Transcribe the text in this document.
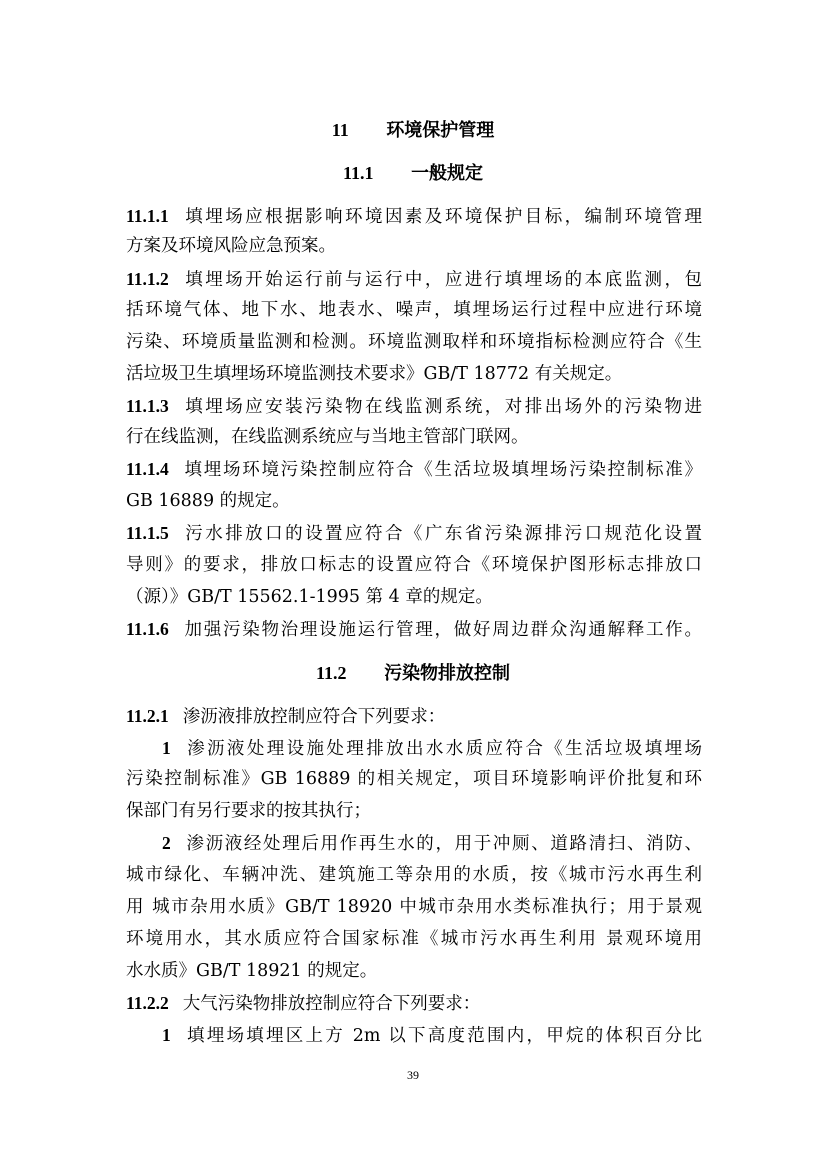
11 环境保护管理
11.1 一般规定
11.1.1 填埋场应根据影响环境因素及环境保护目标，编制环境管理
方案及环境风险应急预案。
11.1.2 填埋场开始运行前与运行中，应进行填埋场的本底监测，包
括环境气体、地下水、地表水、噪声，填埋场运行过程中应进行环境
污染、环境质量监测和检测。环境监测取样和环境指标检测应符合《生
活垃圾卫生填埋场环境监测技术要求》GB/T 18772 有关规定。
11.1.3 填埋场应安装污染物在线监测系统，对排出场外的污染物进
行在线监测，在线监测系统应与当地主管部门联网。
11.1.4 填埋场环境污染控制应符合《生活垃圾填埋场污染控制标准》
GB 16889 的规定。
11.1.5 污水排放口的设置应符合《广东省污染源排污口规范化设置
导则》的要求，排放口标志的设置应符合《环境保护图形标志排放口
（源）》GB/T 15562.1-1995 第 4 章的规定。
11.1.6 加强污染物治理设施运行管理，做好周边群众沟通解释工作。
11.2 污染物排放控制
11.2.1 渗沥液排放控制应符合下列要求：
1 渗沥液处理设施处理排放出水水质应符合《生活垃圾填埋场
污染控制标准》GB 16889 的相关规定，项目环境影响评价批复和环
保部门有另行要求的按其执行；
2 渗沥液经处理后用作再生水的，用于冲厕、道路清扫、消防、
城市绿化、车辆冲洗、建筑施工等杂用的水质，按《城市污水再生利
用 城市杂用水质》GB/T 18920 中城市杂用水类标准执行；用于景观
环境用水，其水质应符合国家标准《城市污水再生利用 景观环境用
水水质》GB/T 18921 的规定。
11.2.2 大气污染物排放控制应符合下列要求：
1 填埋场填埋区上方 2m 以下高度范围内，甲烷的体积百分比
39
